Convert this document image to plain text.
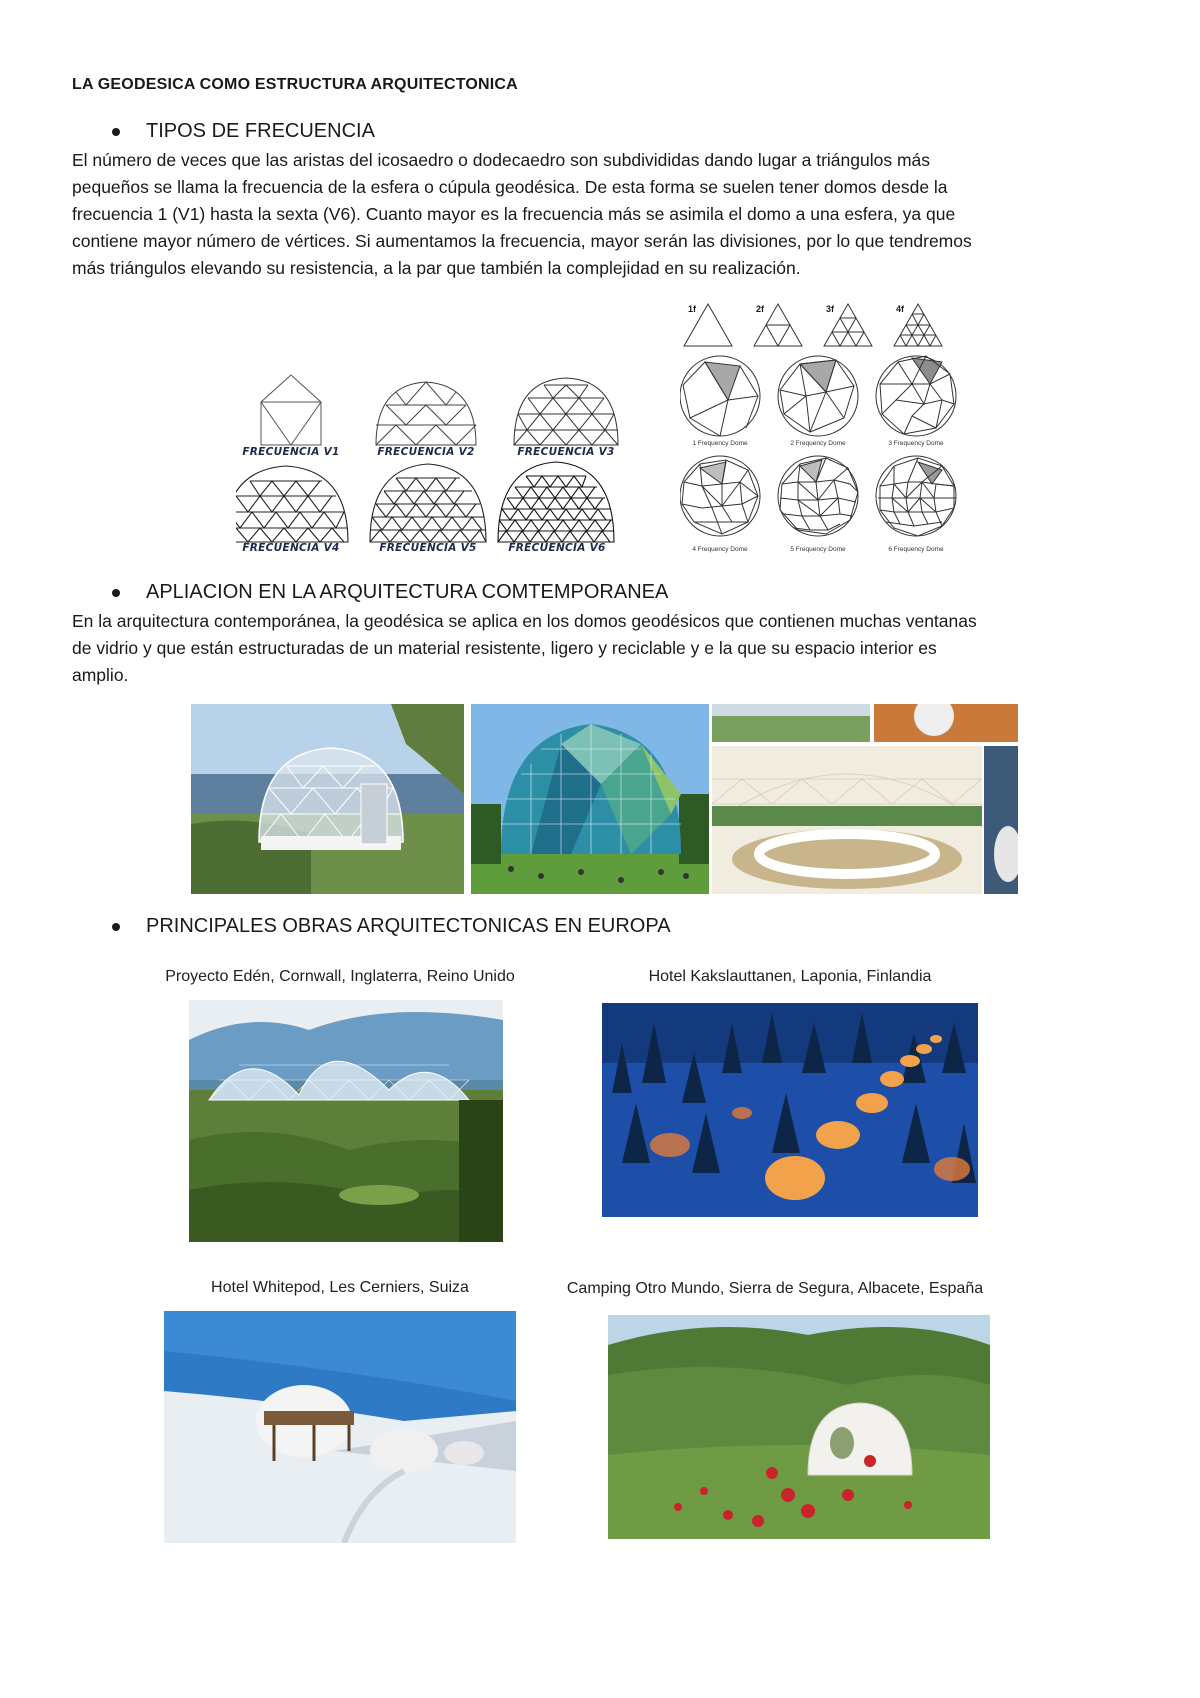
LA GEODESICA COMO ESTRUCTURA ARQUITECTONICA
TIPOS DE FRECUENCIA
El número de veces que las aristas del icosaedro o dodecaedro son subdivididas dando lugar a triángulos más
pequeños se llama la frecuencia de la esfera o cúpula geodésica. De esta forma se suelen tener domos desde la
frecuencia 1 (V1) hasta la sexta (V6). Cuanto mayor es la frecuencia más se asimila el domo a una esfera, ya que
contiene mayor número de vértices. Si aumentamos la frecuencia, mayor serán las divisiones, por lo que tendremos
más triángulos elevando su resistencia, a la par que también la complejidad en su realización.
FRECUENCIA V1	FRECUENCIA V2	FRECUENCIA V3
FRECUENCIA V4	FRECUENCIA V5	FRECUENCIA V6
1f	2f	3f	4f
1 Frequency Dome	2 Frequency Dome	3 Frequency Dome
4 Frequency Dome	5 Frequency Dome	6 Frequency Dome
APLIACION EN LA ARQUITECTURA COMTEMPORANEA
En la arquitectura contemporánea, la geodésica se aplica en los domos geodésicos que contienen muchas ventanas
de vidrio y que están estructuradas de un material resistente, ligero y reciclable y e la que su espacio interior es
amplio.
PRINCIPALES OBRAS ARQUITECTONICAS EN EUROPA
Proyecto Edén, Cornwall, Inglaterra, Reino Unido	Hotel Kakslauttanen, Laponia, Finlandia
Hotel Whitepod, Les Cerniers, Suiza	Camping Otro Mundo, Sierra de Segura, Albacete, España
